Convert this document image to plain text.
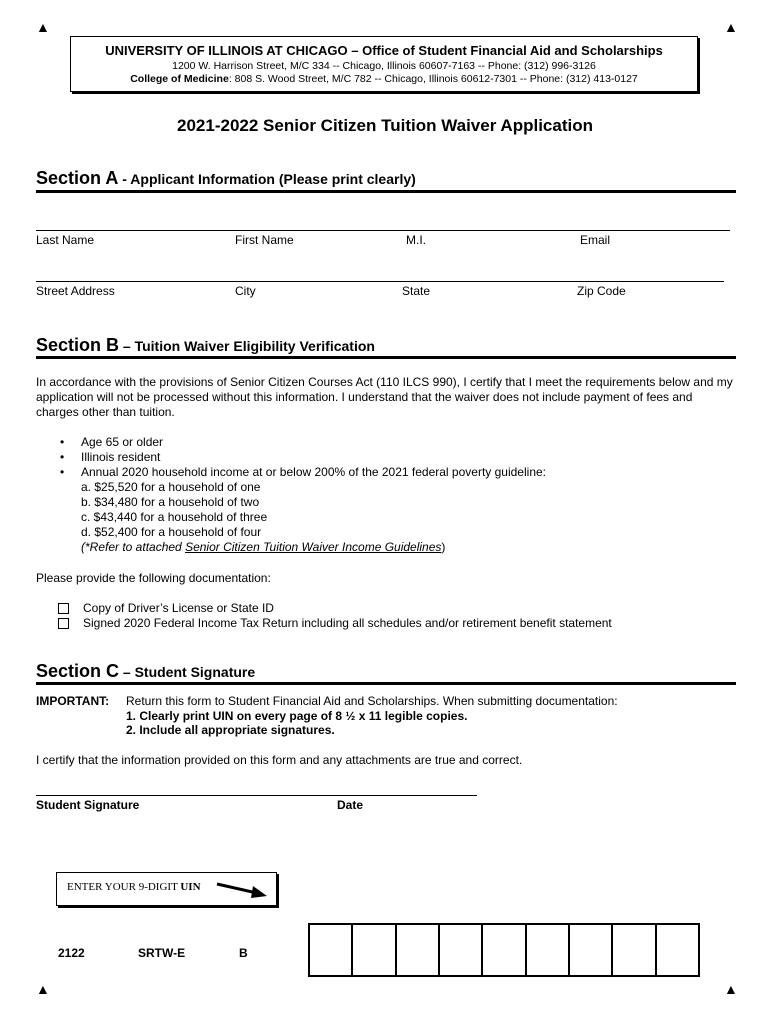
▲	▲
▲	▲
UNIVERSITY OF ILLINOIS AT CHICAGO – Office of Student Financial Aid and Scholarships
1200 W. Harrison Street, M/C 334 -- Chicago, Illinois 60607-7163 -- Phone: (312) 996-3126
College of Medicine: 808 S. Wood Street, M/C 782 -- Chicago, Illinois 60612-7301 -- Phone: (312) 413-0127
2021-2022 Senior Citizen Tuition Waiver Application
Section A - Applicant Information (Please print clearly)
Last Name	First Name	M.I.	Email
Street Address	City	State	Zip Code
Section B – Tuition Waiver Eligibility Verification
In accordance with the provisions of Senior Citizen Courses Act (110 ILCS 990), I certify that I meet the requirements below and my application will not be processed without this information. I understand that the waiver does not include payment of fees and charges other than tuition.
•	Age 65 or older
•	Illinois resident
•	Annual 2020 household income at or below 200% of the 2021 federal poverty guideline:
a. $25,520 for a household of one
b. $34,480 for a household of two
c. $43,440 for a household of three
d. $52,400 for a household of four
(*Refer to attached Senior Citizen Tuition Waiver Income Guidelines)
Please provide the following documentation:
Copy of Driver’s License or State ID
Signed 2020 Federal Income Tax Return including all schedules and/or retirement benefit statement
Section C – Student Signature
IMPORTANT: Return this form to Student Financial Aid and Scholarships. When submitting documentation:
1. Clearly print UIN on every page of 8 ½ x 11 legible copies.
2. Include all appropriate signatures.
I certify that the information provided on this form and any attachments are true and correct.
Student Signature	Date
ENTER YOUR 9-DIGIT UIN
2122	SRTW-E	B
